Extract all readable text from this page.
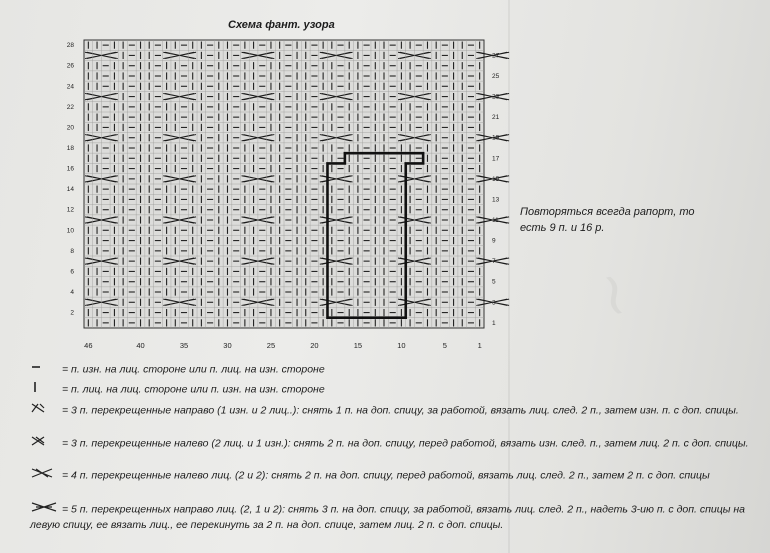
Схема фант. узора
46	40	35	30	25	20	15	10	5	1
28
26
24
22
20
18
16
14
12
10
8
6
4
2
27
25
23
21
19
17
15
13
11
9
7
5
3
1
Повторяться всегда рапорт, то есть 9 п. и 16 р.
= п. изн. на лиц. стороне или п. лиц. на изн. стороне
= п. лиц. на лиц. стороне или п. изн. на изн. стороне
= 3 п. перекрещенные направо (1 изн. и 2 лиц..): снять 1 п. на доп. спицу, за работой, вязать лиц. след. 2 п., затем изн. п. с доп. спицы.
= 3 п. перекрещенные налево (2 лиц. и 1 изн.): снять 2 п. на доп. спицу, перед работой, вязать изн. след. п., затем лиц. 2 п. с доп. спицы.
= 4 п. перекрещенные налево лиц. (2 и 2): снять 2 п. на доп. спицу, перед работой, вязать лиц. след. 2 п., затем 2 п. с доп. спицы
= 5 п. перекрещенных направо лиц. (2, 1 и 2): снять 3 п. на доп. спицу, за работой, вязать лиц. след. 2 п., надеть 3-ию п. с доп. спицы на левую спицу, ее вязать лиц., ее перекинуть за 2 п. на доп. спице, затем лиц. 2 п. с доп. спицы.
